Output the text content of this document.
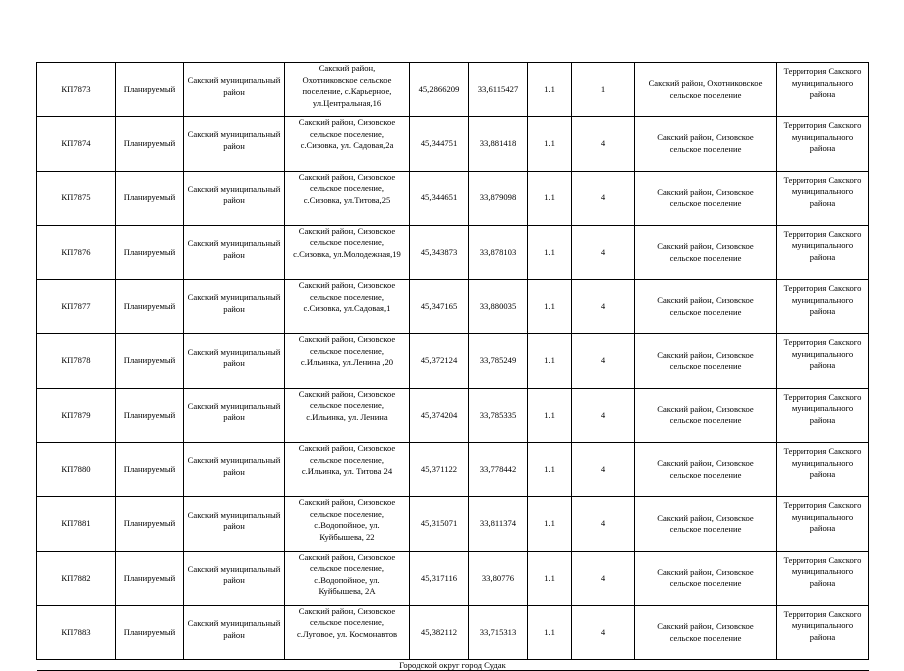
КП7873	Планируемый	Сакский муниципальный район	Сакский район,
Охотниковское сельское
поселение, с.Карьерное,
ул.Центральная,16	45,2866209	33,6115427	1.1	1	Сакский район, Охотниковское
сельское поселение	Территория Сакского
муниципального
района
КП7874	Планируемый	Сакский муниципальный район	Сакский район, Сизовское
сельское поселение,
с.Сизовка, ул. Садовая,2а	45,344751	33,881418	1.1	4	Сакский район, Сизовское
сельское поселение	Территория Сакского
муниципального
района
КП7875	Планируемый	Сакский муниципальный район	Сакский район, Сизовское
сельское поселение,
с.Сизовка, ул.Титова,25	45,344651	33,879098	1.1	4	Сакский район, Сизовское
сельское поселение	Территория Сакского
муниципального
района
КП7876	Планируемый	Сакский муниципальный район	Сакский район, Сизовское
сельское поселение,
с.Сизовка, ул.Молодежная,19	45,343873	33,878103	1.1	4	Сакский район, Сизовское
сельское поселение	Территория Сакского
муниципального
района
КП7877	Планируемый	Сакский муниципальный район	Сакский район, Сизовское
сельское поселение,
с.Сизовка, ул.Садовая,1	45,347165	33,880035	1.1	4	Сакский район, Сизовское
сельское поселение	Территория Сакского
муниципального
района
КП7878	Планируемый	Сакский муниципальный район	Сакский район, Сизовское
сельское поселение,
с.Ильинка, ул.Ленина ,20	45,372124	33,785249	1.1	4	Сакский район, Сизовское
сельское поселение	Территория Сакского
муниципального
района
КП7879	Планируемый	Сакский муниципальный район	Сакский район, Сизовское
сельское поселение,
с.Ильинка, ул. Ленина	45,374204	33,785335	1.1	4	Сакский район, Сизовское
сельское поселение	Территория Сакского
муниципального
района
КП7880	Планируемый	Сакский муниципальный район	Сакский район, Сизовское
сельское поселение,
с.Ильинка, ул. Титова 24	45,371122	33,778442	1.1	4	Сакский район, Сизовское
сельское поселение	Территория Сакского
муниципального
района
КП7881	Планируемый	Сакский муниципальный район	Сакский район, Сизовское
сельское поселение,
с.Водопойное, ул.
Куйбышева, 22	45,315071	33,811374	1.1	4	Сакский район, Сизовское
сельское поселение	Территория Сакского
муниципального
района
КП7882	Планируемый	Сакский муниципальный район	Сакский район, Сизовское
сельское поселение,
с.Водопойное, ул.
Куйбышева, 2А	45,317116	33,80776	1.1	4	Сакский район, Сизовское
сельское поселение	Территория Сакского
муниципального
района
КП7883	Планируемый	Сакский муниципальный район	Сакский район, Сизовское
сельское поселение,
с.Луговое, ул. Космонавтов	45,382112	33,715313	1.1	4	Сакский район, Сизовское
сельское поселение	Территория Сакского
муниципального
района
Городской округ город Судак									
